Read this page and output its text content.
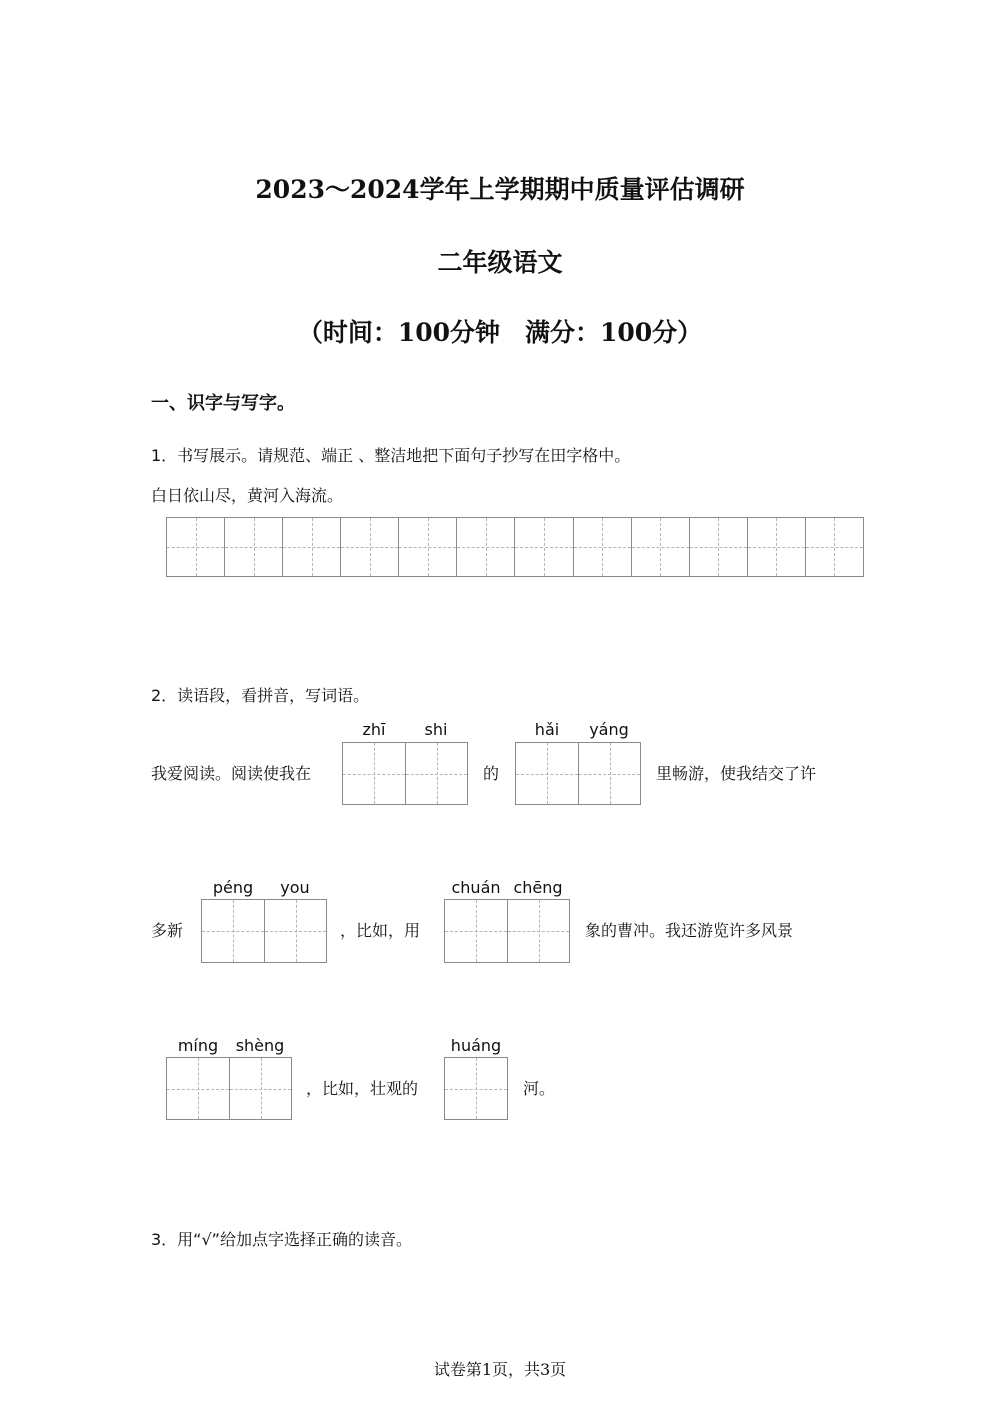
2023～2024学年上学期期中质量评估调研
二年级语文
（时间：100分钟　满分：100分）
一、识字与写字。
1．书写展示。请规范、端正 、整洁地把下面句子抄写在田字格中。
白日依山尽，黄河入海流。
2．读语段，看拼音，写词语。
zhī	shi	hǎi	yáng
我爱阅读。阅读使我在	的	里畅游，使我结交了许
péng	you	chuán chēng
多新	，比如，用	象的曹冲。我还游览许多风景
míng	shèng	huáng
，比如，壮观的	河。
3．用“√”给加点字选择正确的读音。
试卷第1页，共3页
